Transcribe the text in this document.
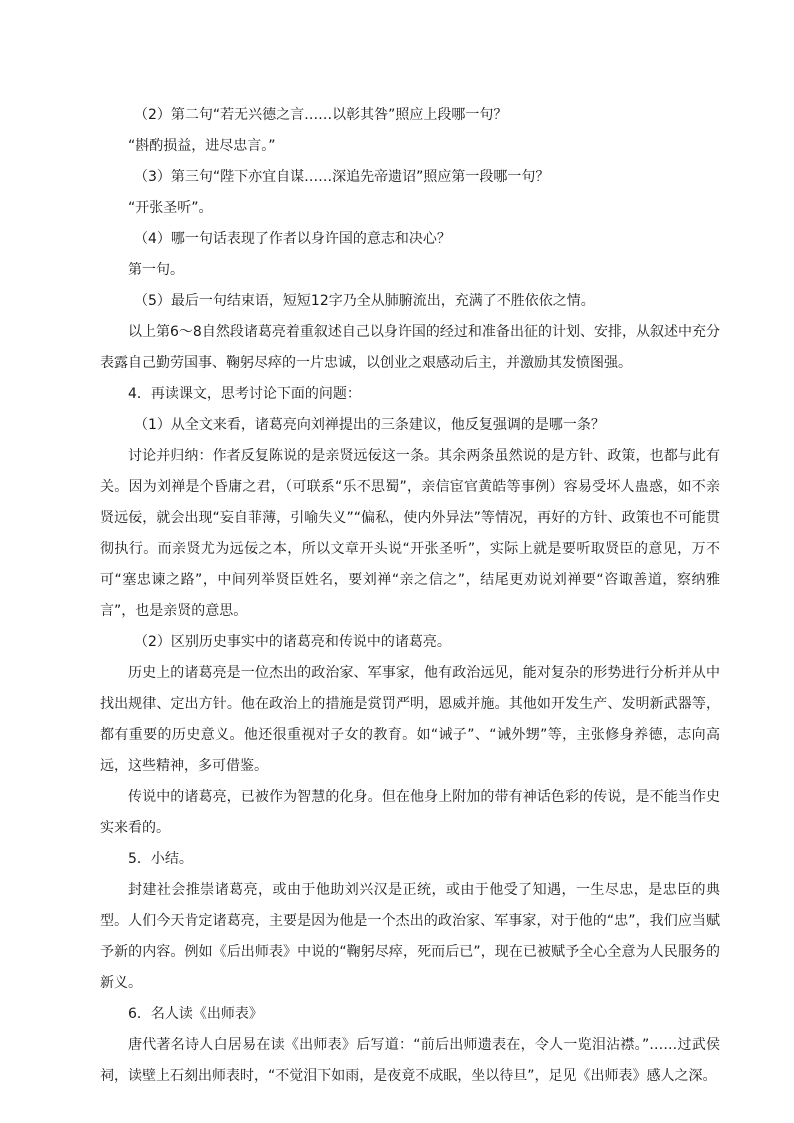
（2）第二句“若无兴德之言……以彰其咎”照应上段哪一句？

“斟酌损益，进尽忠言。”

（3）第三句“陛下亦宜自谋……深追先帝遗诏”照应第一段哪一句？

“开张圣听”。

（4）哪一句话表现了作者以身许国的意志和决心？

第一句。

（5）最后一句结束语，短短12字乃全从肺腑流出，充满了不胜依依之情。

以上第6～8自然段诸葛亮着重叙述自己以身许国的经过和准备出征的计划、安排，从叙述中充分表露自己勤劳国事、鞠躬尽瘁的一片忠诚，以创业之艰感动后主，并激励其发愤图强。

4．再读课文，思考讨论下面的问题：

（1）从全文来看，诸葛亮向刘禅提出的三条建议，他反复强调的是哪一条？

讨论并归纳：作者反复陈说的是亲贤远佞这一条。其余两条虽然说的是方针、政策，也都与此有关。因为刘禅是个昏庸之君，（可联系“乐不思蜀”，亲信宦官黄皓等事例）容易受坏人蛊惑，如不亲贤远佞，就会出现“妄自菲薄，引喻失义”“偏私，使内外异法”等情况，再好的方针、政策也不可能贯彻执行。而亲贤尤为远佞之本，所以文章开头说“开张圣听”，实际上就是要听取贤臣的意见，万不可“塞忠谏之路”，中间列举贤臣姓名，要刘禅“亲之信之”，结尾更劝说刘禅要“咨诹善道，察纳雅言”，也是亲贤的意思。

（2）区别历史事实中的诸葛亮和传说中的诸葛亮。

历史上的诸葛亮是一位杰出的政治家、军事家，他有政治远见，能对复杂的形势进行分析并从中找出规律、定出方针。他在政治上的措施是赏罚严明，恩威并施。其他如开发生产、发明新武器等，都有重要的历史意义。他还很重视对子女的教育。如“诫子”、“诫外甥”等，主张修身养德，志向高远，这些精神，多可借鉴。

传说中的诸葛亮，已被作为智慧的化身。但在他身上附加的带有神话色彩的传说，是不能当作史实来看的。

5．小结。

封建社会推崇诸葛亮，或由于他助刘兴汉是正统，或由于他受了知遇，一生尽忠，是忠臣的典型。人们今天肯定诸葛亮，主要是因为他是一个杰出的政治家、军事家，对于他的“忠”，我们应当赋予新的内容。例如《后出师表》中说的“鞠躬尽瘁，死而后已”，现在已被赋予全心全意为人民服务的新义。

6．名人读《出师表》

唐代著名诗人白居易在读《出师表》后写道：“前后出师遗表在，令人一览泪沾襟。”……过武侯祠，读壁上石刻出师表时，“不觉泪下如雨，是夜竟不成眠，坐以待旦”，足见《出师表》感人之深。
